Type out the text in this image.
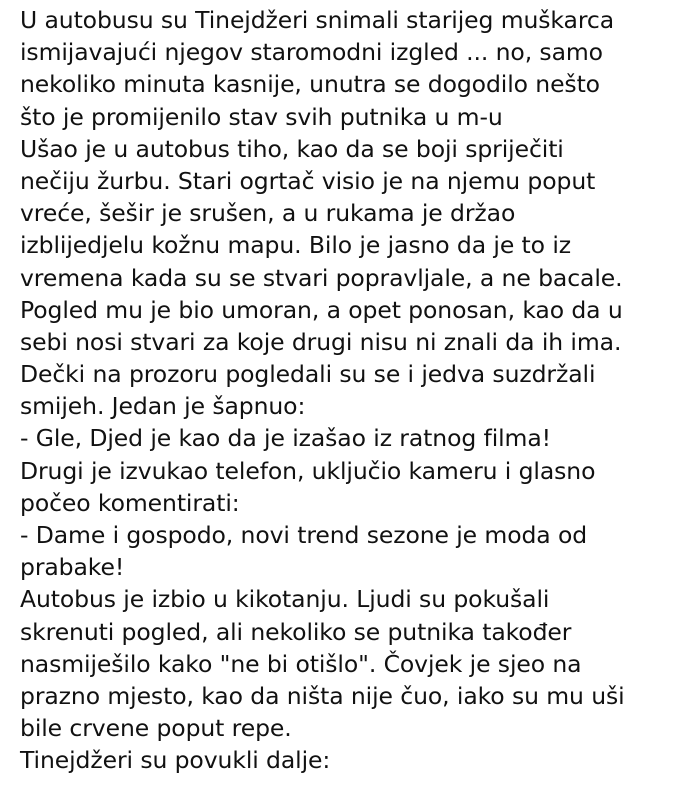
U autobusu su Tinejdžeri snimali starijeg muškarca
ismijavajući njegov staromodni izgled ... no, samo
nekoliko minuta kasnije, unutra se dogodilo nešto
što je promijenilo stav svih putnika u m-u
Ušao je u autobus tiho, kao da se boji spriječiti
nečiju žurbu. Stari ogrtač visio je na njemu poput
vreće, šešir je srušen, a u rukama je držao
izblijedjelu kožnu mapu. Bilo je jasno da je to iz
vremena kada su se stvari popravljale, a ne bacale.
Pogled mu je bio umoran, a opet ponosan, kao da u
sebi nosi stvari za koje drugi nisu ni znali da ih ima.
Dečki na prozoru pogledali su se i jedva suzdržali
smijeh. Jedan je šapnuo:
- Gle, Djed je kao da je izašao iz ratnog filma!
Drugi je izvukao telefon, uključio kameru i glasno
počeo komentirati:
- Dame i gospodo, novi trend sezone je moda od
prabake!
Autobus je izbio u kikotanju. Ljudi su pokušali
skrenuti pogled, ali nekoliko se putnika također
nasmiješilo kako "ne bi otišlo". Čovjek je sjeo na
prazno mjesto, kao da ništa nije čuo, iako su mu uši
bile crvene poput repe.
Tinejdžeri su povukli dalje:
